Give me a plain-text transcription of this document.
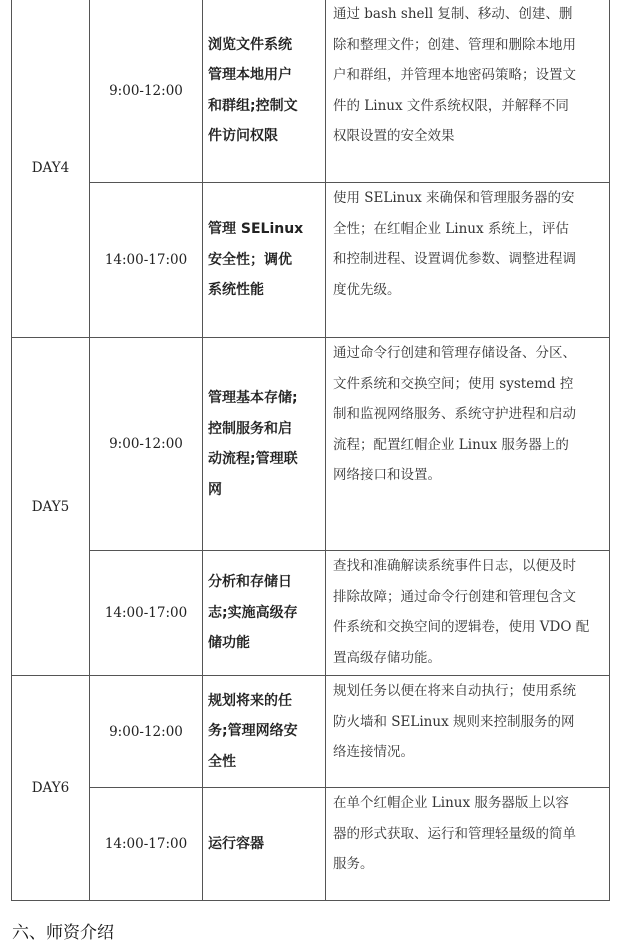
DAY4	9:00-12:00	浏览文件系统
管理本地用户
和群组;控制文
件访问权限	通过 bash shell 复制、移动、创建、删
除和整理文件；创建、管理和删除本地用
户和群组，并管理本地密码策略；设置文
件的 Linux 文件系统权限，并解释不同
权限设置的安全效果

	14:00-17:00	管理 SELinux
安全性；调优
系统性能	使用 SELinux 来确保和管理服务器的安
全性；在红帽企业 Linux 系统上，评估
和控制进程、设置调优参数、调整进程调
度优先级。

DAY5	9:00-12:00	管理基本存储;
控制服务和启
动流程;管理联
网	通过命令行创建和管理存储设备、分区、
文件系统和交换空间；使用 systemd 控
制和监视网络服务、系统守护进程和启动
流程；配置红帽企业 Linux 服务器上的
网络接口和设置。

	14:00-17:00	分析和存储日
志;实施高级存
储功能	查找和准确解读系统事件日志，以便及时
排除故障；通过命令行创建和管理包含文
件系统和交换空间的逻辑卷，使用 VDO 配
置高级存储功能。

DAY6	9:00-12:00	规划将来的任
务;管理网络安
全性	规划任务以便在将来自动执行；使用系统
防火墙和 SELinux 规则来控制服务的网
络连接情况。

	14:00-17:00	运行容器	在单个红帽企业 Linux 服务器版上以容
器的形式获取、运行和管理轻量级的简单
服务。
六、师资介绍
